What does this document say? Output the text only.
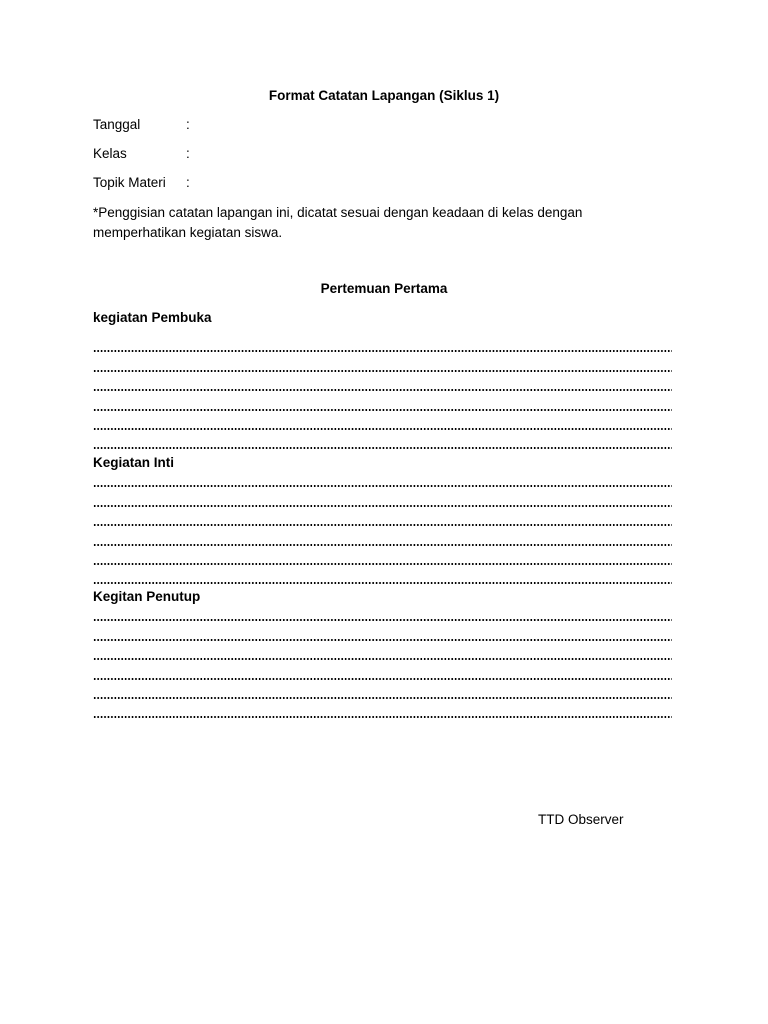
Format Catatan Lapangan (Siklus 1)
Tanggal	:
Kelas	:
Topik Materi :
*Penggisian catatan lapangan ini, dicatat sesuai dengan keadaan di kelas dengan
memperhatikan kegiatan siswa.
Pertemuan Pertama
kegiatan Pembuka
Kegiatan Inti
Kegitan Penutup
TTD Observer
